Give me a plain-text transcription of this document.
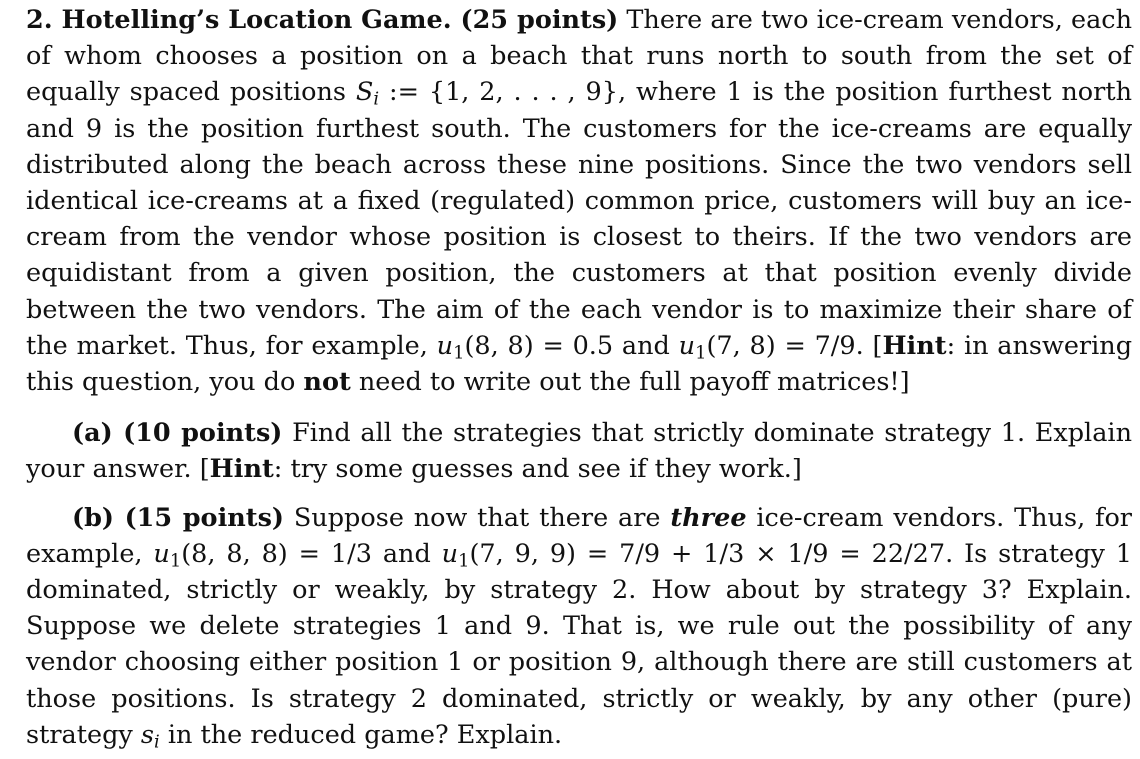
2. Hotelling’s Location Game. (25 points) There are two ice-cream vendors, each of whom chooses a position on a beach that runs north to south from the set of equally spaced positions $S_i$ := {1, 2, . . . , 9}, where 1 is the position furthest north and 9 is the position furthest south. The customers for the ice-creams are equally distributed along the beach across these nine positions. Since the two vendors sell identical ice-creams at a fixed (regulated) common price, customers will buy an ice-cream from the vendor whose position is closest to theirs. If the two vendors are equidistant from a given position, the customers at that position evenly divide between the two vendors. The aim of the each vendor is to maximize their share of the market. Thus, for example, $u_1(8$, 8) = 0.5 and $u_1(7$, 8) = 7/9. [Hint: in answering this question, you do not need to write out the full payoff matrices!]

(a) (10 points) Find all the strategies that strictly dominate strategy 1. Explain your answer. [Hint: try some guesses and see if they work.]

(b) (15 points) Suppose now that there are three ice-cream vendors. Thus, for example, $u_1(8$, 8, 8) = 1/3 and $u_1(7$, 9, 9) = 7/9 + 1/3 × 1/9 = 22/27. Is strategy 1 dominated, strictly or weakly, by strategy 2. How about by strategy 3? Explain. Suppose we delete strategies 1 and 9. That is, we rule out the possibility of any vendor choosing either position 1 or position 9, although there are still customers at those positions. Is strategy 2 dominated, strictly or weakly, by any other (pure) strategy $s_i$ in the reduced game? Explain.
